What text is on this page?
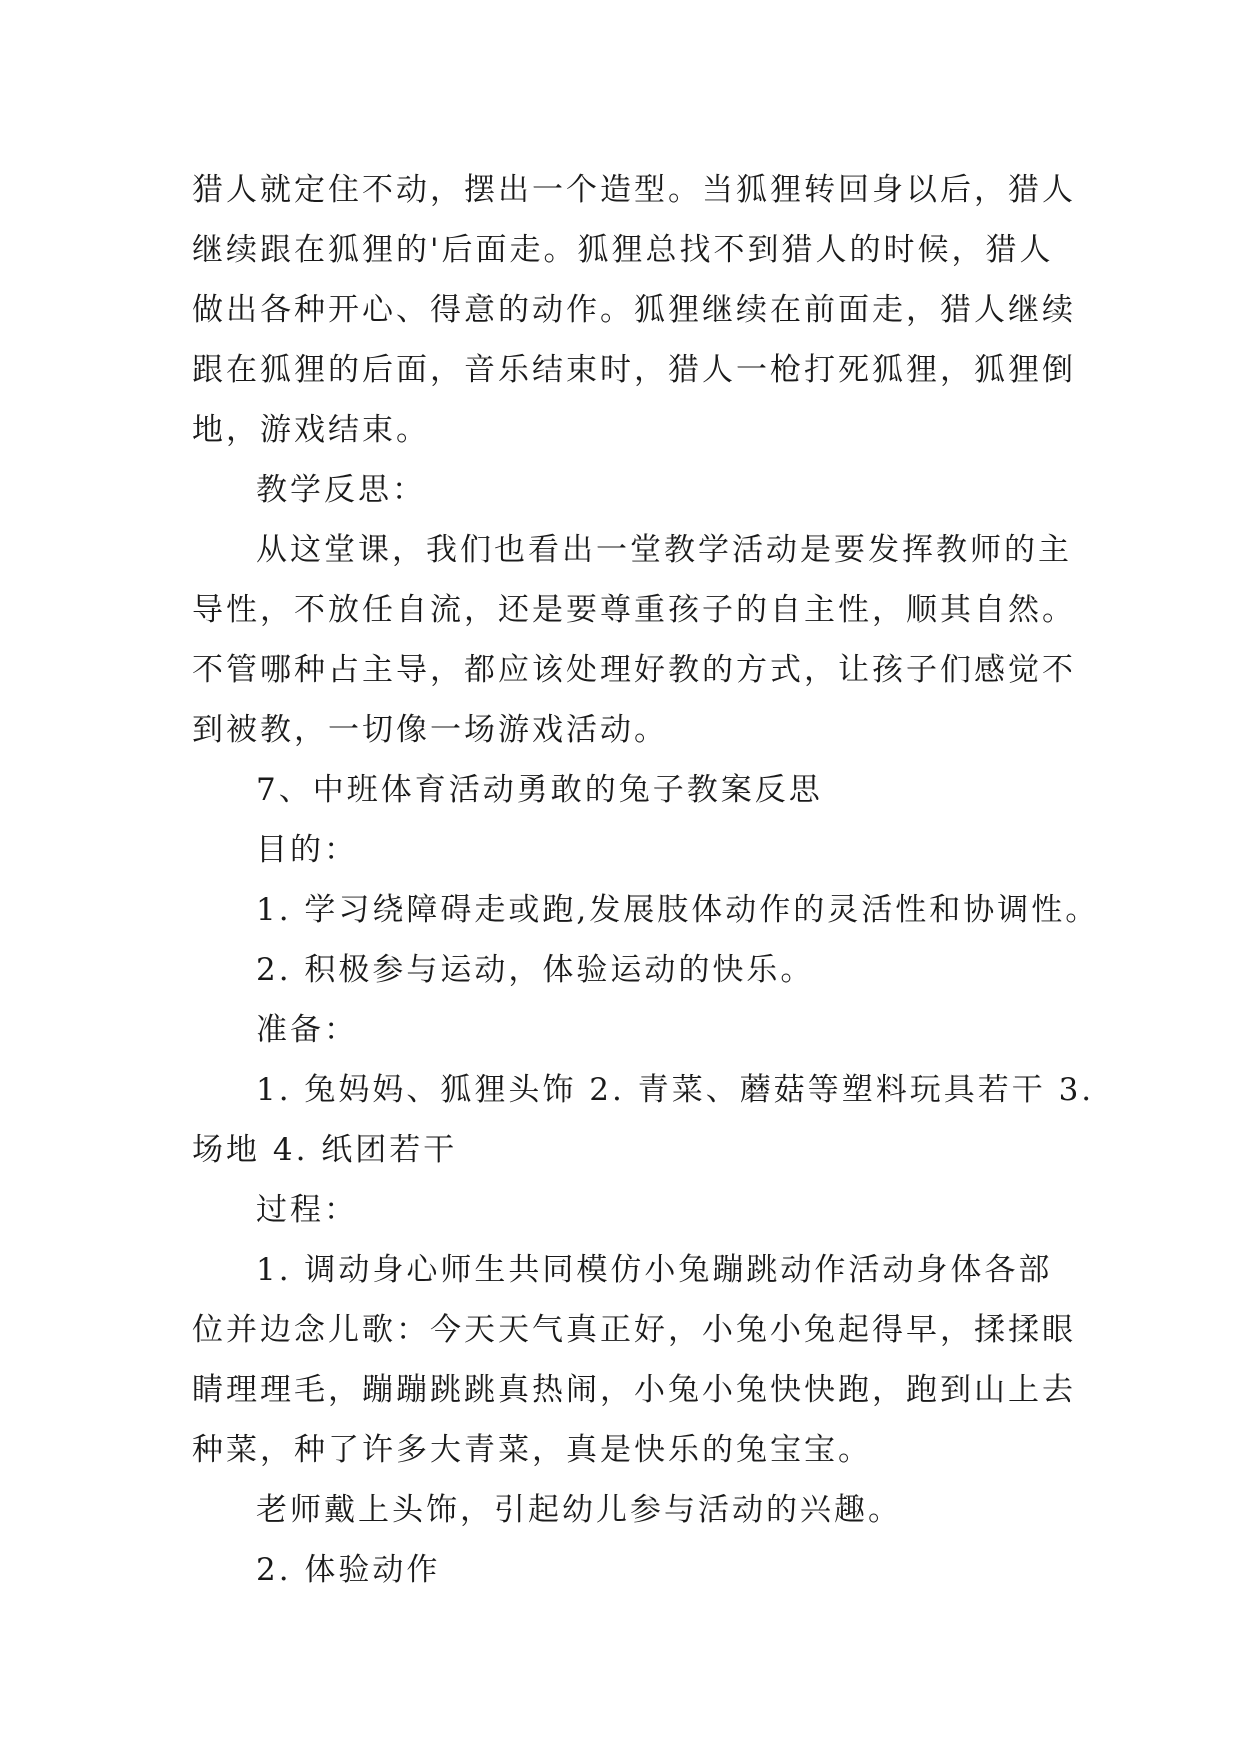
猎人就定住不动，摆出一个造型。当狐狸转回身以后，猎人
继续跟在狐狸的'后面走。狐狸总找不到猎人的时候，猎人
做出各种开心、得意的动作。狐狸继续在前面走，猎人继续
跟在狐狸的后面，音乐结束时，猎人一枪打死狐狸，狐狸倒
地，游戏结束。
教学反思：
从这堂课，我们也看出一堂教学活动是要发挥教师的主
导性，不放任自流，还是要尊重孩子的自主性，顺其自然。
不管哪种占主导，都应该处理好教的方式，让孩子们感觉不
到被教，一切像一场游戏活动。
7、中班体育活动勇敢的兔子教案反思
目的：
1. 学习绕障碍走或跑,发展肢体动作的灵活性和协调性。
2. 积极参与运动，体验运动的快乐。
准备：
1. 兔妈妈、狐狸头饰 2. 青菜、蘑菇等塑料玩具若干 3.
场地 4. 纸团若干
过程：
1. 调动身心师生共同模仿小兔蹦跳动作活动身体各部
位并边念儿歌：今天天气真正好，小兔小兔起得早，揉揉眼
睛理理毛，蹦蹦跳跳真热闹，小兔小兔快快跑，跑到山上去
种菜，种了许多大青菜，真是快乐的兔宝宝。
老师戴上头饰，引起幼儿参与活动的兴趣。
2. 体验动作
